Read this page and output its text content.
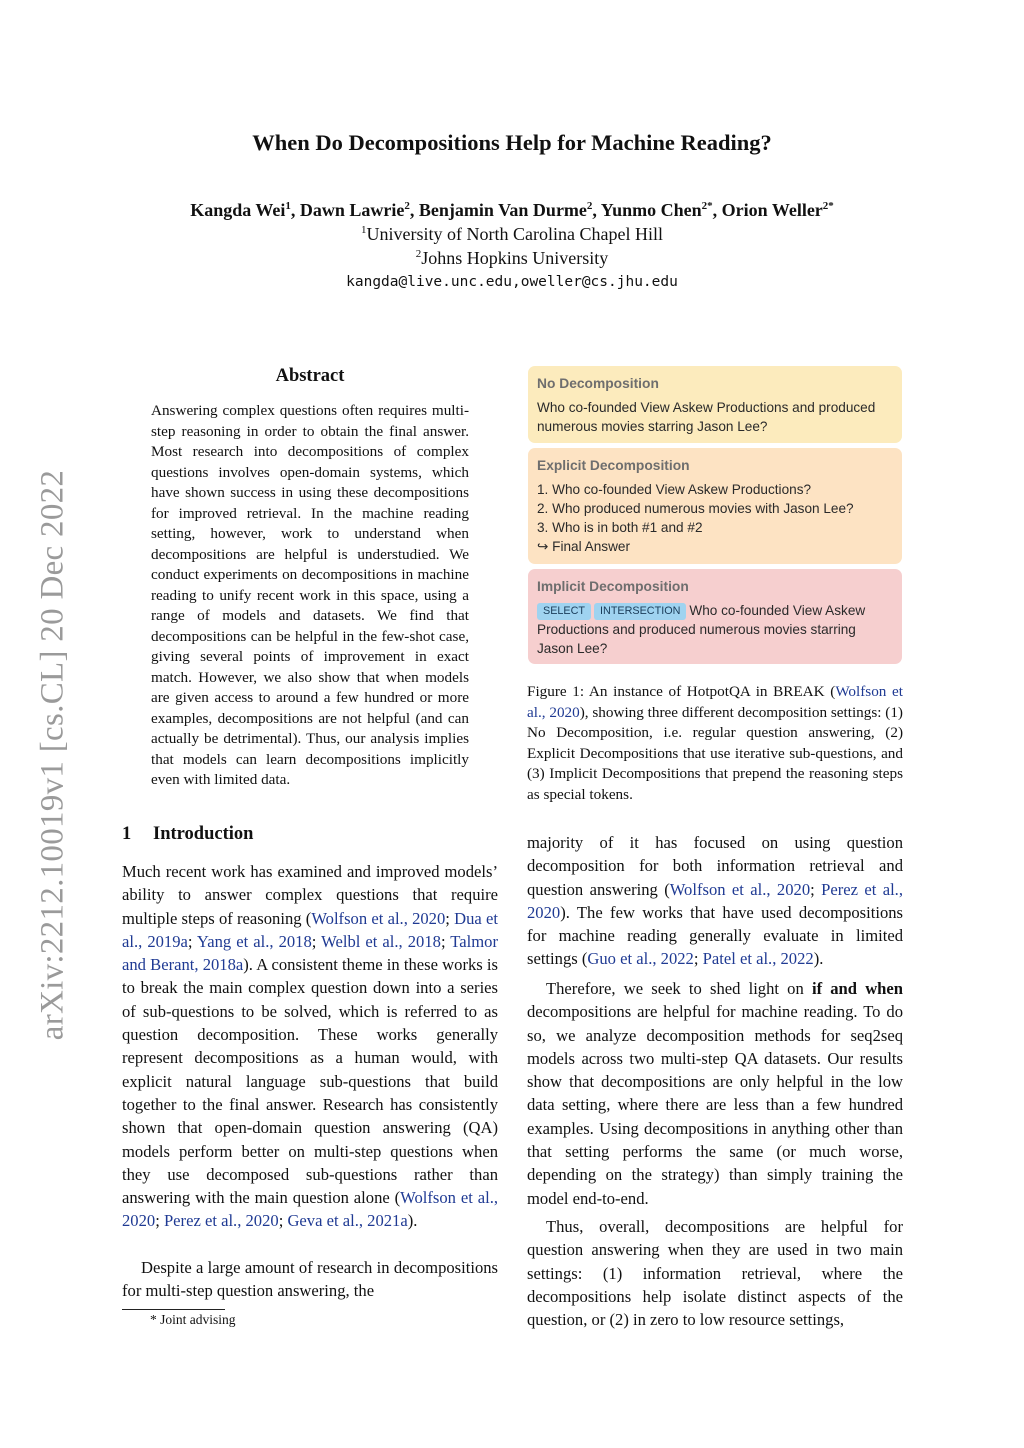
arXiv:2212.10019v1 [cs.CL] 20 Dec 2022
When Do Decompositions Help for Machine Reading?
Kangda Wei$^1$, Dawn Lawrie$^2$, Benjamin Van Durme$^2$, Yunmo Chen$^{2*}$, Orion Weller$^{2*}$
$^1$University of North Carolina Chapel Hill
$^2$Johns Hopkins University
kangda@live.unc.edu,oweller@cs.jhu.edu
Abstract
Answering complex questions often requires multi-step reasoning in order to obtain the final answer. Most research into decompositions of complex questions involves open-domain systems, which have shown success in using these decompositions for improved retrieval. In the machine reading setting, however, work to understand when decompositions are helpful is understudied. We conduct experiments on decompositions in machine reading to unify recent work in this space, using a range of models and datasets. We find that decompositions can be helpful in the few-shot case, giving several points of improvement in exact match. However, we also show that when models are given access to around a few hundred or more examples, decompositions are not helpful (and can actually be detrimental). Thus, our analysis implies that models can learn decompositions implicitly even with limited data.
1 Introduction
Much recent work has examined and improved models’ ability to answer complex questions that require multiple steps of reasoning (Wolfson et al., 2020; Dua et al., 2019a; Yang et al., 2018; Welbl et al., 2018; Talmor and Berant, 2018a). A consistent theme in these works is to break the main complex question down into a series of sub-questions to be solved, which is referred to as question decomposition. These works generally represent decompositions as a human would, with explicit natural language sub-questions that build together to the final answer. Research has consistently shown that open-domain question answering (QA) models perform better on multi-step questions when they use decomposed sub-questions rather than answering with the main question alone (Wolfson et al., 2020; Perez et al., 2020; Geva et al., 2021a).
Despite a large amount of research in decompositions for multi-step question answering, the
* Joint advising
No Decomposition
Who co-founded View Askew Productions and produced numerous movies starring Jason Lee?
Explicit Decomposition
1. Who co-founded View Askew Productions?
2. Who produced numerous movies with Jason Lee?
3. Who is in both #1 and #2
↪ Final Answer
Implicit Decomposition
SELECT INTERSECTION Who co-founded View Askew Productions and produced numerous movies starring Jason Lee?
Figure 1: An instance of HotpotQA in BREAK (Wolfson et al., 2020), showing three different decomposition settings: (1) No Decomposition, i.e. regular question answering, (2) Explicit Decompositions that use iterative sub-questions, and (3) Implicit Decompositions that prepend the reasoning steps as special tokens.
majority of it has focused on using question decomposition for both information retrieval and question answering (Wolfson et al., 2020; Perez et al., 2020). The few works that have used decompositions for machine reading generally evaluate in limited settings (Guo et al., 2022; Patel et al., 2022).
Therefore, we seek to shed light on if and when decompositions are helpful for machine reading. To do so, we analyze decomposition methods for seq2seq models across two multi-step QA datasets. Our results show that decompositions are only helpful in the low data setting, where there are less than a few hundred examples. Using decompositions in anything other than that setting performs the same (or much worse, depending on the strategy) than simply training the model end-to-end.
Thus, overall, decompositions are helpful for question answering when they are used in two main settings: (1) information retrieval, where the decompositions help isolate distinct aspects of the question, or (2) in zero to low resource settings,
